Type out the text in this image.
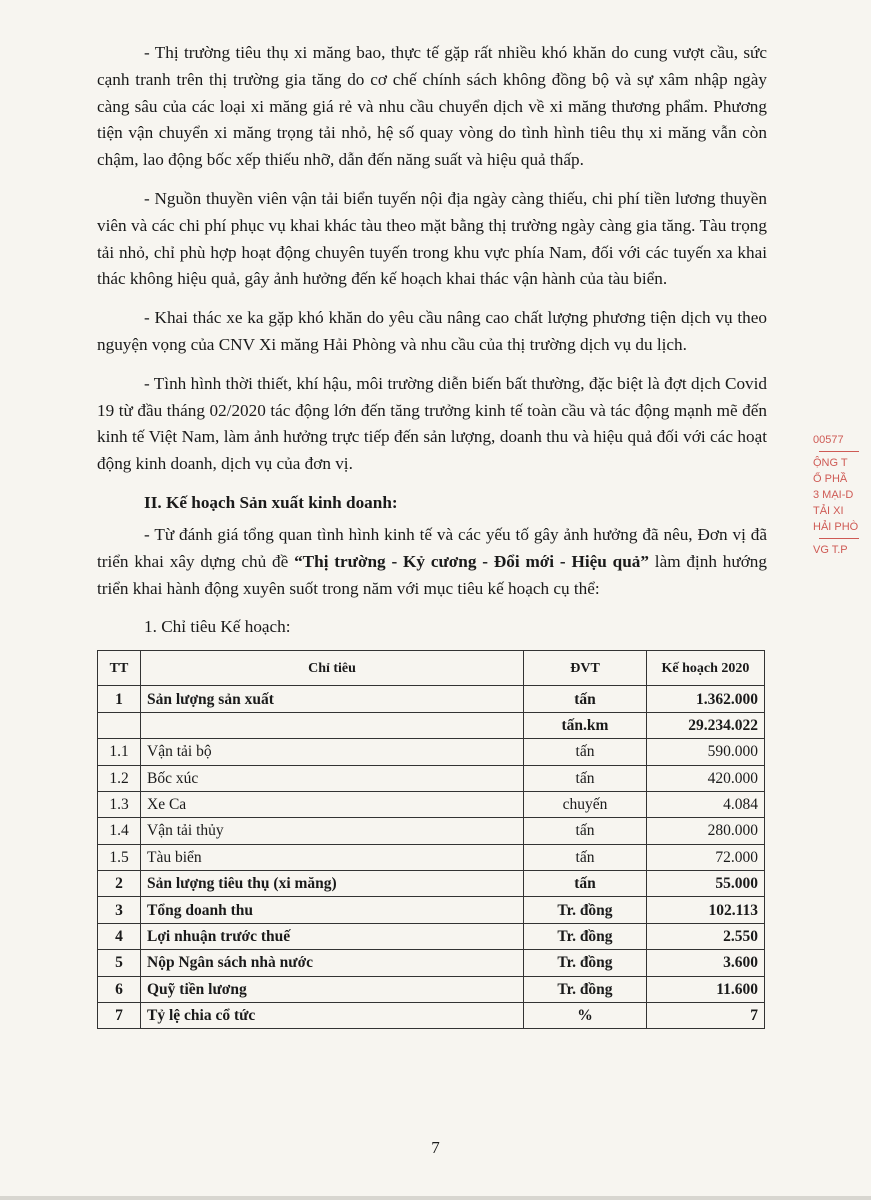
- Thị trường tiêu thụ xi măng bao, thực tế gặp rất nhiều khó khăn do cung vượt cầu, sức cạnh tranh trên thị trường gia tăng do cơ chế chính sách không đồng bộ và sự xâm nhập ngày càng sâu của các loại xi măng giá rẻ và nhu cầu chuyển dịch về xi măng thương phẩm. Phương tiện vận chuyển xi măng trọng tải nhỏ, hệ số quay vòng do tình hình tiêu thụ xi măng vẫn còn chậm, lao động bốc xếp thiếu nhỡ, dẫn đến năng suất và hiệu quả thấp.

- Nguồn thuyền viên vận tải biển tuyến nội địa ngày càng thiếu, chi phí tiền lương thuyền viên và các chi phí phục vụ khai khác tàu theo mặt bằng thị trường ngày càng gia tăng. Tàu trọng tải nhỏ, chỉ phù hợp hoạt động chuyên tuyến trong khu vực phía Nam, đối với các tuyến xa khai thác không hiệu quả, gây ảnh hưởng đến kế hoạch khai thác vận hành của tàu biển.

- Khai thác xe ka gặp khó khăn do yêu cầu nâng cao chất lượng phương tiện dịch vụ theo nguyện vọng của CNV Xi măng Hải Phòng và nhu cầu của thị trường dịch vụ du lịch.

- Tình hình thời thiết, khí hậu, môi trường diễn biến bất thường, đặc biệt là đợt dịch Covid 19 từ đầu tháng 02/2020 tác động lớn đến tăng trưởng kinh tế toàn cầu và tác động mạnh mẽ đến kinh tế Việt Nam, làm ảnh hưởng trực tiếp đến sản lượng, doanh thu và hiệu quả đối với các hoạt động kinh doanh, dịch vụ của đơn vị.

II. Kế hoạch Sản xuất kinh doanh:

- Từ đánh giá tổng quan tình hình kinh tế và các yếu tố gây ảnh hưởng đã nêu, Đơn vị đã triển khai xây dựng chủ đề “Thị trường - Kỷ cương - Đổi mới - Hiệu quả” làm định hướng triển khai hành động xuyên suốt trong năm với mục tiêu kế hoạch cụ thể:

1. Chỉ tiêu Kế hoạch:

TT	Chỉ tiêu	ĐVT	Kế hoạch 2020
1	Sản lượng sản xuất	tấn	1.362.000
		tấn.km	29.234.022
1.1	Vận tải bộ	tấn	590.000
1.2	Bốc xúc	tấn	420.000
1.3	Xe Ca	chuyến	4.084
1.4	Vận tải thủy	tấn	280.000
1.5	Tàu biển	tấn	72.000
2	Sản lượng tiêu thụ (xi măng)	tấn	55.000
3	Tổng doanh thu	Tr. đồng	102.113
4	Lợi nhuận trước thuế	Tr. đồng	2.550
5	Nộp Ngân sách nhà nước	Tr. đồng	3.600
6	Quỹ tiền lương	Tr. đồng	11.600
7	Tỷ lệ chia cổ tức	%	7
7
00577
ỘNG T
Ổ PHẦ
3 MẠI-D
TẢI XI
HẢI PHÒ
VG T.P
